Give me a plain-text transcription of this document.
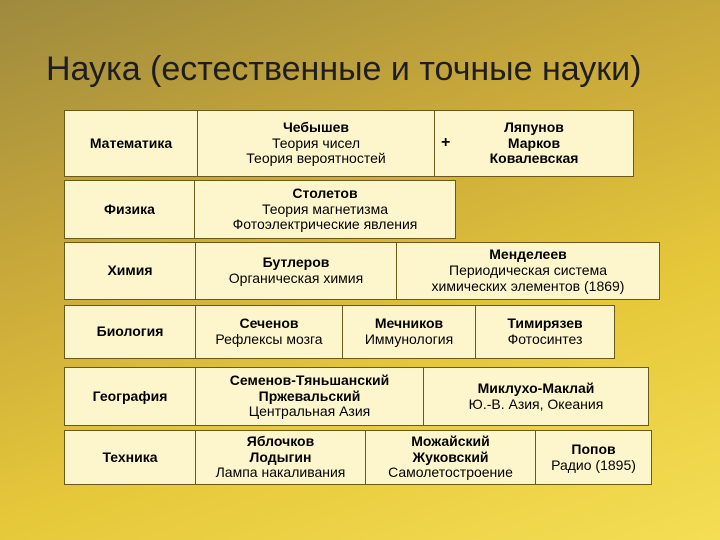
Наука (естественные и точные науки)
Математика
Чебышев
Теория чисел
Теория вероятностей
Ляпунов
Марков
Ковалевская
+
Физика
Столетов
Теория магнетизма
Фотоэлектрические явления
Химия	Бутлеров
Органическая химия
Менделеев
Периодическая система
химических элементов (1869)
Биология	Сеченов
Рефлексы мозга
Мечников
Иммунология
Тимирязев
Фотосинтез
География
Семенов-Тяньшанский
Пржевальский
Центральная Азия
Миклухо-Маклай
Ю.-В. Азия, Океания
Техника
Яблочков
Лодыгин
Лампа накаливания
Можайский
Жуковский
Самолетостроение
Попов
Радио (1895)
